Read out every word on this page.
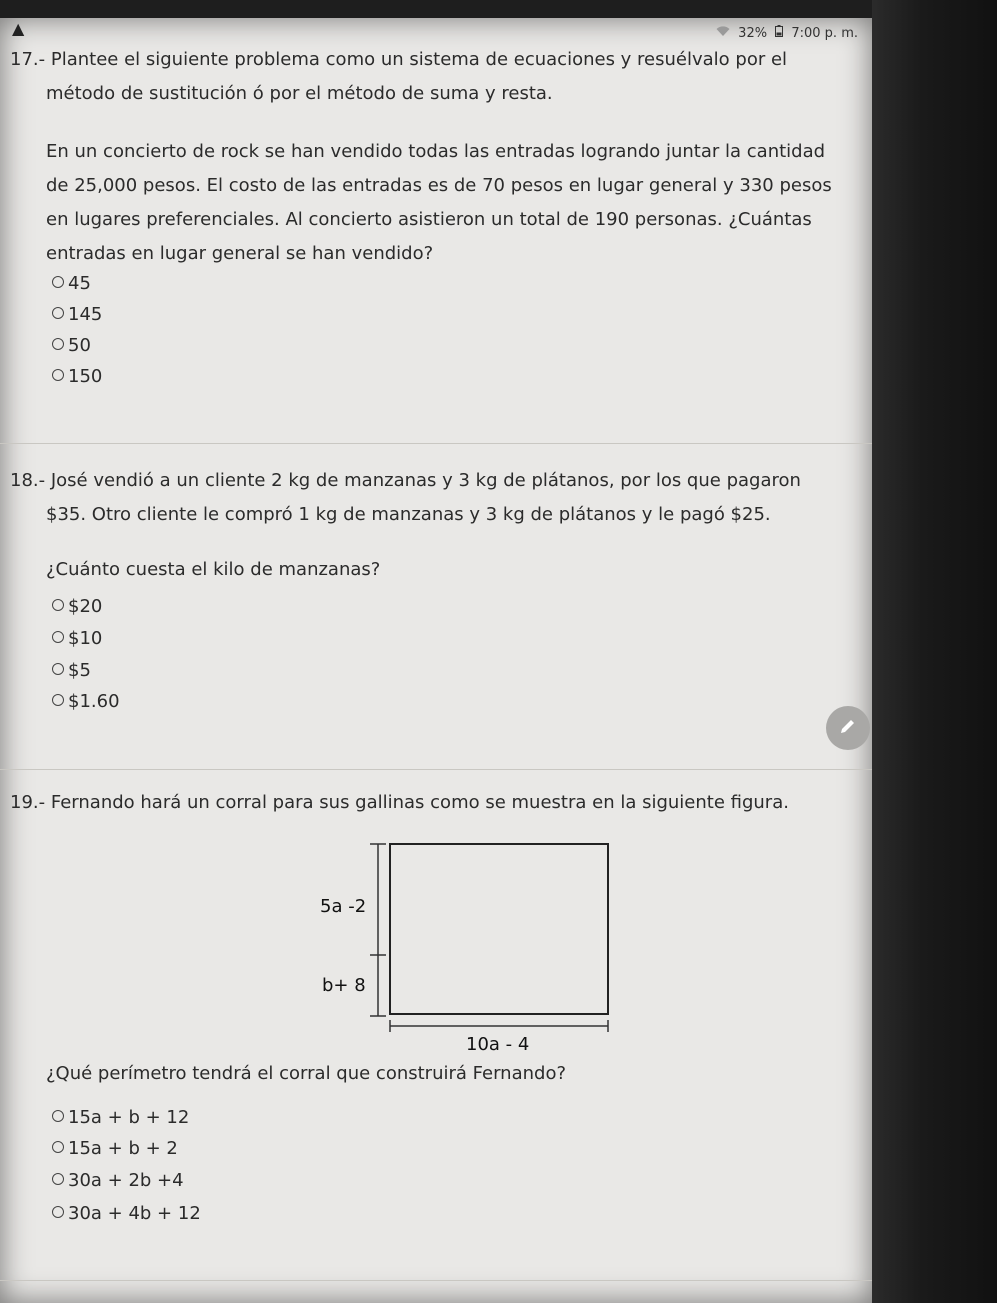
▲	32% 7:00 p. m.
17.- Plantee el siguiente problema como un sistema de ecuaciones y resuélvalo por el
método de sustitución ó por el método de suma y resta.
En un concierto de rock se han vendido todas las entradas logrando juntar la cantidad
de 25,000 pesos. El costo de las entradas es de 70 pesos en lugar general y 330 pesos
en lugares preferenciales. Al concierto asistieron un total de 190 personas. ¿Cuántas
entradas en lugar general se han vendido?
45
145
50
150
18.- José vendió a un cliente 2 kg de manzanas y 3 kg de plátanos, por los que pagaron
$35. Otro cliente le compró 1 kg de manzanas y 3 kg de plátanos y le pagó $25.
¿Cuánto cuesta el kilo de manzanas?
$20
$10
$5
$1.60
19.- Fernando hará un corral para sus gallinas como se muestra en la siguiente figura.
5a -2
b+ 8
10a - 4
¿Qué perímetro tendrá el corral que construirá Fernando?
15a + b + 12
15a + b + 2
30a + 2b +4
30a + 4b + 12
